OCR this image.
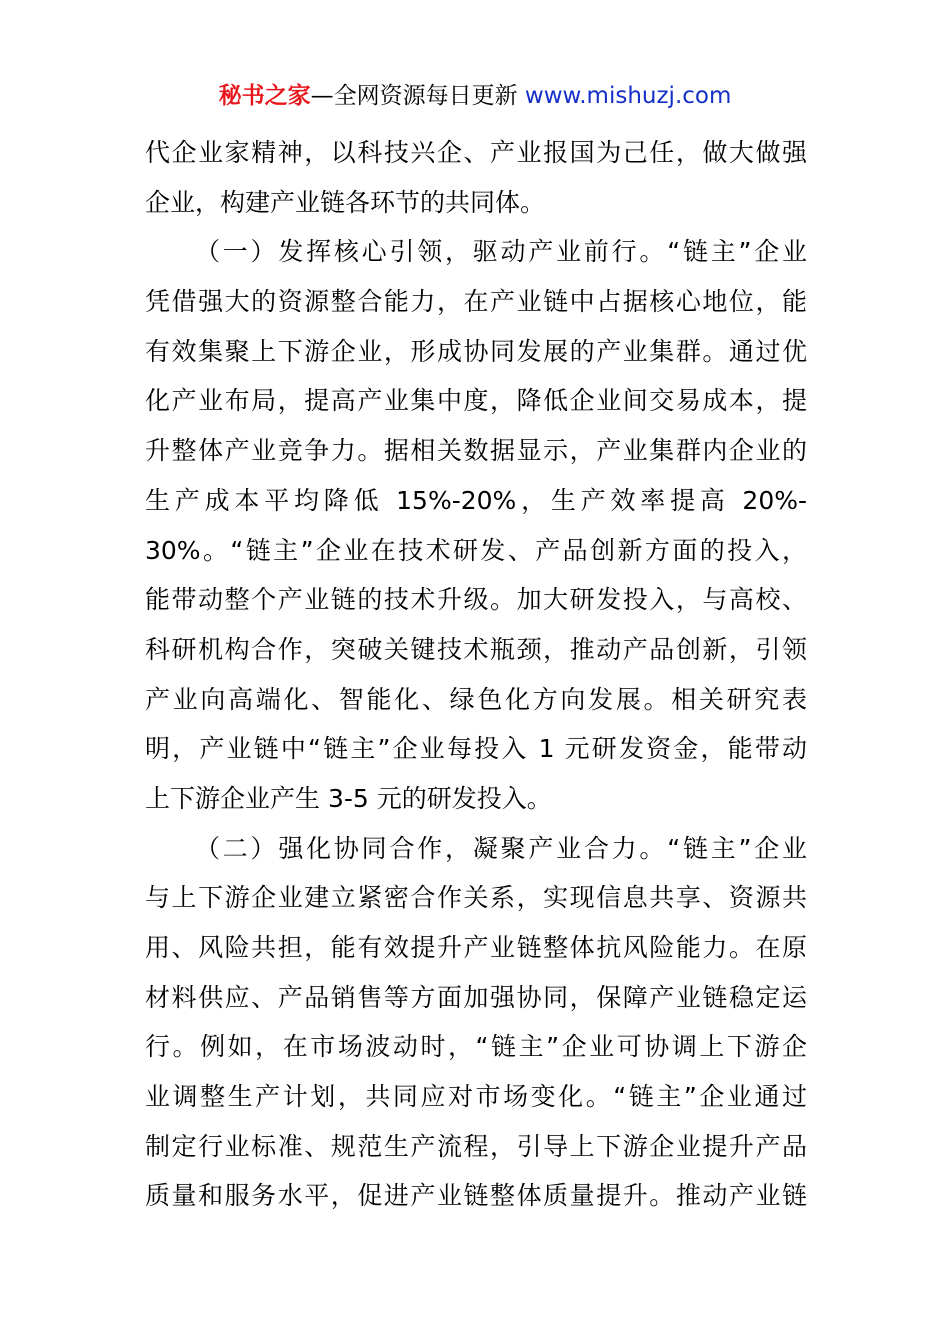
秘书之家—全网资源每日更新 www.mishuzj.com
代企业家精神，以科技兴企、产业报国为己任，做大做强
企业，构建产业链各环节的共同体。
（一）发挥核心引领，驱动产业前行。“链主”企业
凭借强大的资源整合能力，在产业链中占据核心地位，能
有效集聚上下游企业，形成协同发展的产业集群。通过优
化产业布局，提高产业集中度，降低企业间交易成本，提
升整体产业竞争力。据相关数据显示，产业集群内企业的
生产成本平均降低 15%-20%，生产效率提高 20%-
30%。“链主”企业在技术研发、产品创新方面的投入，
能带动整个产业链的技术升级。加大研发投入，与高校、
科研机构合作，突破关键技术瓶颈，推动产品创新，引领
产业向高端化、智能化、绿色化方向发展。相关研究表
明，产业链中“链主”企业每投入 1 元研发资金，能带动
上下游企业产生 3-5 元的研发投入。
（二）强化协同合作，凝聚产业合力。“链主”企业
与上下游企业建立紧密合作关系，实现信息共享、资源共
用、风险共担，能有效提升产业链整体抗风险能力。在原
材料供应、产品销售等方面加强协同，保障产业链稳定运
行。例如，在市场波动时，“链主”企业可协调上下游企
业调整生产计划，共同应对市场变化。“链主”企业通过
制定行业标准、规范生产流程，引导上下游企业提升产品
质量和服务水平，促进产业链整体质量提升。推动产业链
